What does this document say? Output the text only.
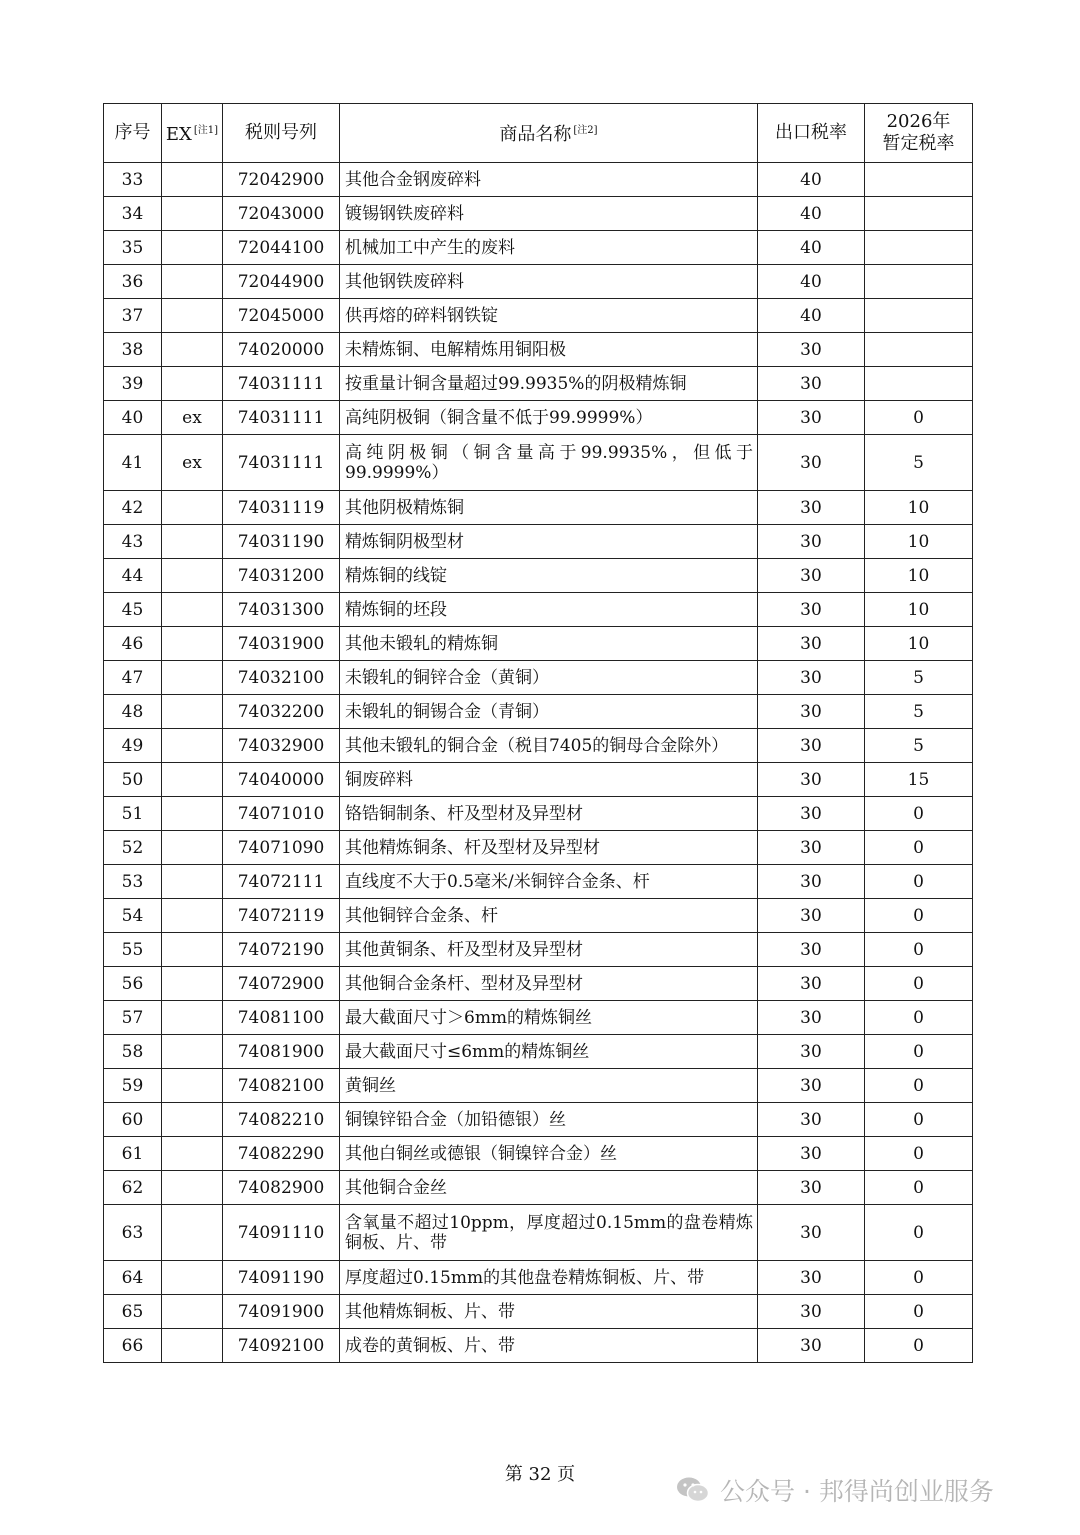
序号	EX [注1]	税则号列	商品名称 [注2]	出口税率	2026年
暂定税率
33		72042900	其他合金钢废碎料	40	
34		72043000	镀锡钢铁废碎料	40	
35		72044100	机械加工中产生的废料	40	
36		72044900	其他钢铁废碎料	40	
37		72045000	供再熔的碎料钢铁锭	40	
38		74020000	未精炼铜、电解精炼用铜阳极	30	
39		74031111	按重量计铜含量超过99.9935%的阴极精炼铜	30	
40	ex	74031111	高纯阴极铜（铜含量不低于99.9999%）	30	0
41	ex	74031111	高纯阴极铜（铜含量高于99.9935%，但低于99.9999%）	30	5
42		74031119	其他阴极精炼铜	30	10
43		74031190	精炼铜阴极型材	30	10
44		74031200	精炼铜的线锭	30	10
45		74031300	精炼铜的坯段	30	10
46		74031900	其他未锻轧的精炼铜	30	10
47		74032100	未锻轧的铜锌合金（黄铜）	30	5
48		74032200	未锻轧的铜锡合金（青铜）	30	5
49		74032900	其他未锻轧的铜合金（税目7405的铜母合金除外）	30	5
50		74040000	铜废碎料	30	15
51		74071010	铬锆铜制条、杆及型材及异型材	30	0
52		74071090	其他精炼铜条、杆及型材及异型材	30	0
53		74072111	直线度不大于0.5毫米/米铜锌合金条、杆	30	0
54		74072119	其他铜锌合金条、杆	30	0
55		74072190	其他黄铜条、杆及型材及异型材	30	0
56		74072900	其他铜合金条杆、型材及异型材	30	0
57		74081100	最大截面尺寸＞6mm的精炼铜丝	30	0
58		74081900	最大截面尺寸≤6mm的精炼铜丝	30	0
59		74082100	黄铜丝	30	0
60		74082210	铜镍锌铅合金（加铅德银）丝	30	0
61		74082290	其他白铜丝或德银（铜镍锌合金）丝	30	0
62		74082900	其他铜合金丝	30	0
63		74091110	含氧量不超过10ppm，厚度超过0.15mm的盘卷精炼铜板、片、带	30	0
64		74091190	厚度超过0.15mm的其他盘卷精炼铜板、片、带	30	0
65		74091900	其他精炼铜板、片、带	30	0
66		74092100	成卷的黄铜板、片、带	30	0
第 32 页
公众号 · 邦得尚创业服务
